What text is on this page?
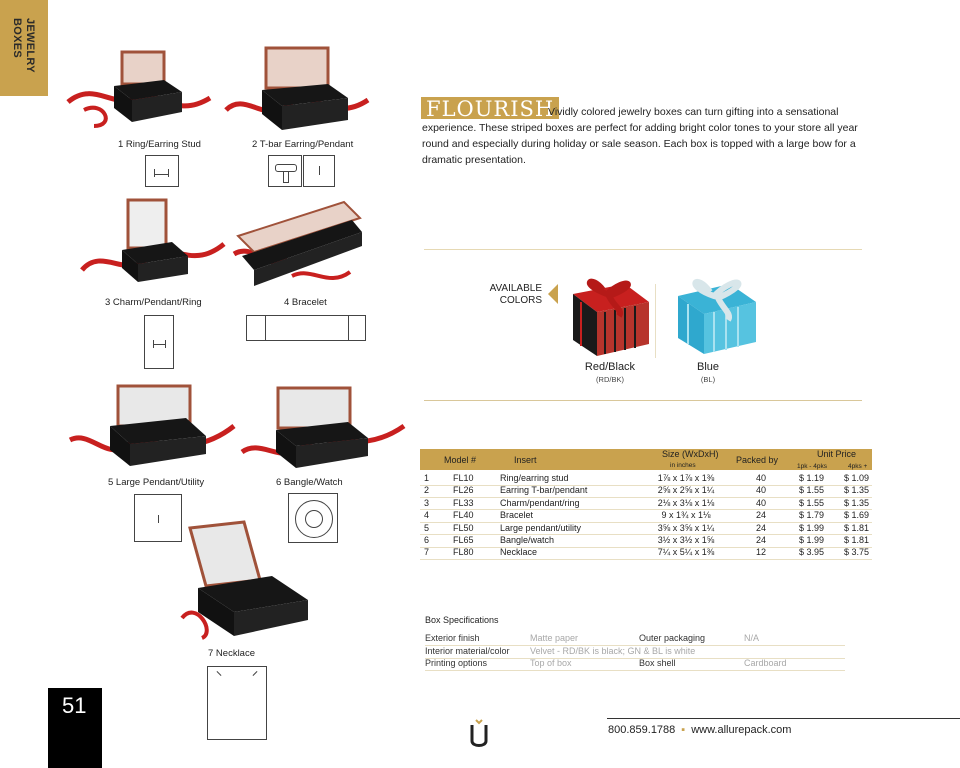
JEWELRY
BOXES
1 Ring/Earring Stud	2 T-bar Earring/Pendant
3 Charm/Pendant/Ring	4 Bracelet
5 Large Pendant/Utility	6 Bangle/Watch
7 Necklace
FLOURISH
Vividly colored jewelry boxes can turn gifting into a sensational experience. These striped boxes are perfect for adding bright color tones to your store all year round and especially during holiday or sale season. Each box is topped with a large bow for a dramatic presentation.
AVAILABLE
COLORS
Red/Black
(RD/BK)
Blue
(BL)
Model #	Insert
Size (WxDxH)
in inches
Packed by
Unit Price
1pk - 4pks	4pks +
1	FL10	Ring/earring stud	1⅞ x 1⅞ x 1⅜	40	$ 1.19 $ 1.09
2	FL26	Earring T-bar/pendant	2⅝ x 2⅝ x 1¼	40	$ 1.55 $ 1.35
3	FL33	Charm/pendant/ring	2⅛ x 3⅛ x 1⅛	40	$ 1.55 $ 1.35
4	FL40	Bracelet	9 x 1¾ x 1⅛	24	$ 1.79 $ 1.69
5	FL50	Large pendant/utility	3⅝ x 3⅝ x 1¼	24	$ 1.99 $ 1.81
6	FL65	Bangle/watch	3½ x 3½ x 1⅝	24	$ 1.99 $ 1.81
7	FL80	Necklace	7¼ x 5¼ x 1⅜	12	$ 3.95 $ 3.75
Box Specifications
Exterior finish	Matte paper	Outer packaging	N/A
Interior material/color Velvet - RD/BK is black; GN & BL is white
Printing options	Top of box	Box shell	Cardboard
51
800.859.1788 ▪ www.allurepack.com
